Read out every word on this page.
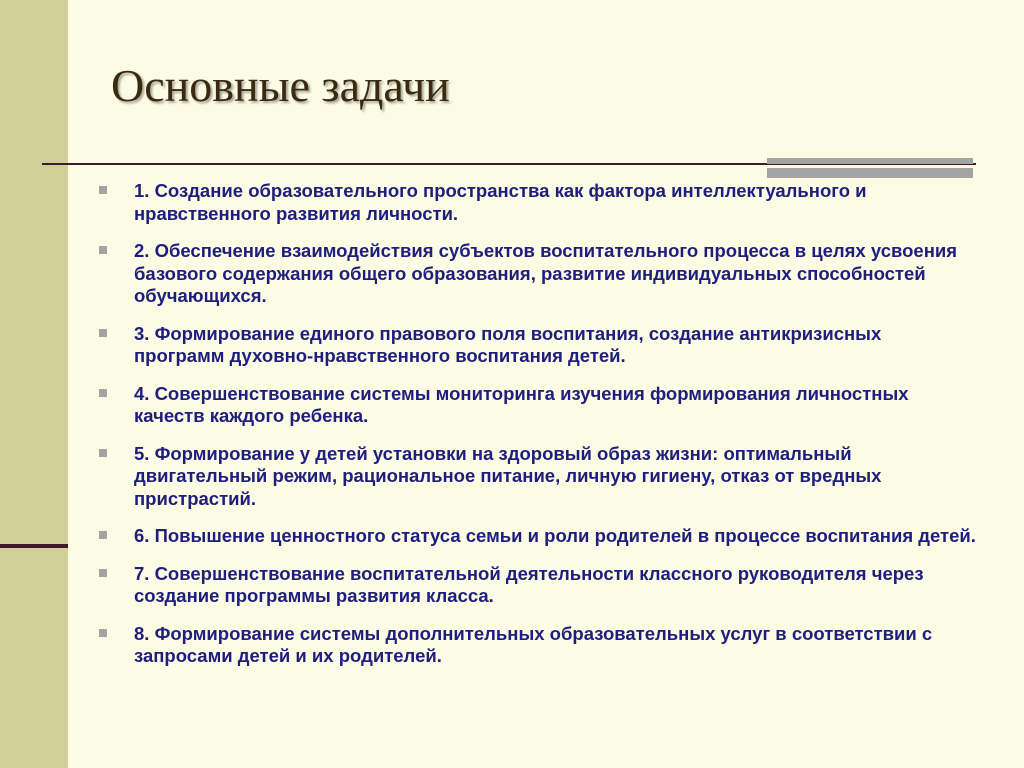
Основные задачи
1. Создание образовательного пространства как фактора интеллектуального и нравственного развития личности.
2. Обеспечение взаимодействия субъектов воспитательного процесса в целях усвоения базового содержания общего образования, развитие индивидуальных способностей обучающихся.
3. Формирование единого правового поля воспитания, создание антикризисных программ духовно-нравственного воспитания детей.
4. Совершенствование системы мониторинга изучения формирования личностных качеств каждого ребенка.
5. Формирование у детей установки на здоровый образ жизни: оптимальный двигательный режим, рациональное питание, личную гигиену, отказ от вредных пристрастий.
6. Повышение ценностного статуса семьи и роли родителей в процессе воспитания детей.
7. Совершенствование воспитательной деятельности классного руководителя через создание программы развития класса.
8. Формирование системы дополнительных образовательных услуг в соответствии с запросами детей и их родителей.
